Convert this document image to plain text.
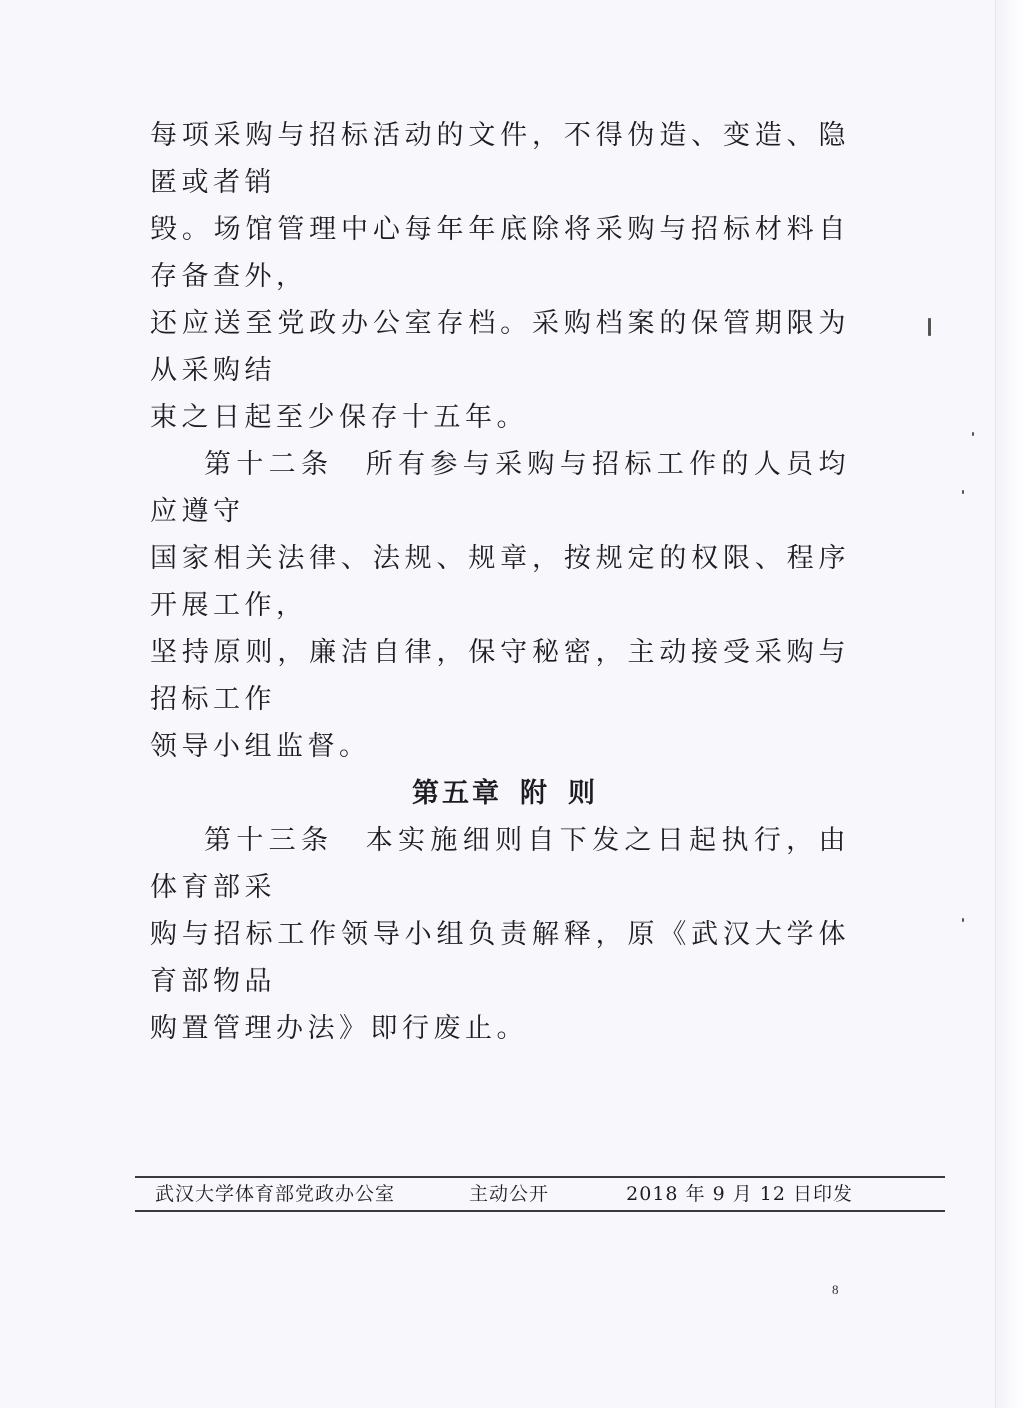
每项采购与招标活动的文件，不得伪造、变造、隐匿或者销
毁。场馆管理中心每年年底除将采购与招标材料自存备查外，
还应送至党政办公室存档。采购档案的保管期限为从采购结
束之日起至少保存十五年。
第十二条　所有参与采购与招标工作的人员均应遵守
国家相关法律、法规、规章，按规定的权限、程序开展工作，
坚持原则，廉洁自律，保守秘密，主动接受采购与招标工作
领导小组监督。
第五章 附 则
第十三条　本实施细则自下发之日起执行，由体育部采
购与招标工作领导小组负责解释，原《武汉大学体育部物品
购置管理办法》即行废止。
武汉大学体育部党政办公室	主动公开	2018 年 9 月 12 日印发
8
